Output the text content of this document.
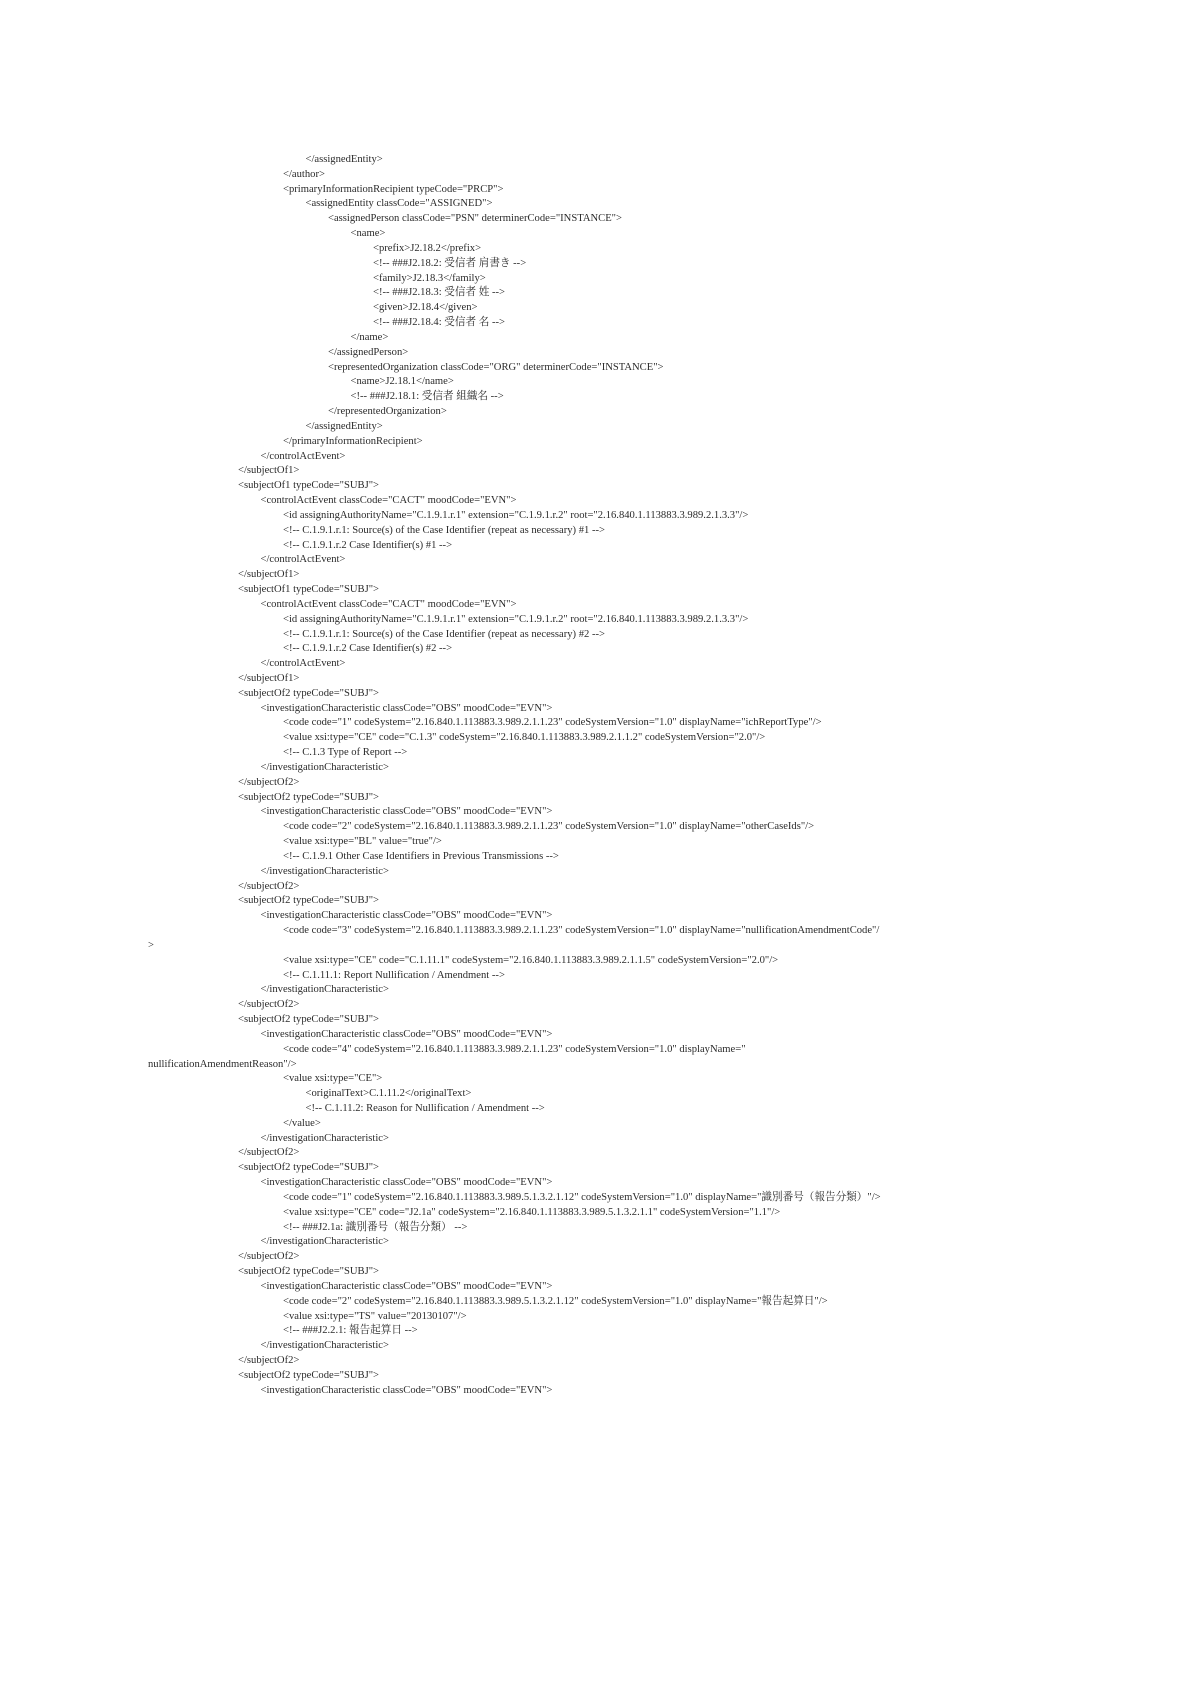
</assignedEntity>
</author>
<primaryInformationRecipient typeCode="PRCP">
<assignedEntity classCode="ASSIGNED">
<assignedPerson classCode="PSN" determinerCode="INSTANCE">
<name>
<prefix>J2.18.2</prefix>
<!-- ###J2.18.2: 受信者 肩書き -->
<family>J2.18.3</family>
<!-- ###J2.18.3: 受信者 姓 -->
<given>J2.18.4</given>
<!-- ###J2.18.4: 受信者 名 -->
</name>
</assignedPerson>
<representedOrganization classCode="ORG" determinerCode="INSTANCE">
<name>J2.18.1</name>
<!-- ###J2.18.1: 受信者 組織名 -->
</representedOrganization>
</assignedEntity>
</primaryInformationRecipient>
</controlActEvent>
</subjectOf1>
<subjectOf1 typeCode="SUBJ">
<controlActEvent classCode="CACT" moodCode="EVN">
<id assigningAuthorityName="C.1.9.1.r.1" extension="C.1.9.1.r.2" root="2.16.840.1.113883.3.989.2.1.3.3"/>
<!-- C.1.9.1.r.1: Source(s) of the Case Identifier (repeat as necessary) #1 -->
<!-- C.1.9.1.r.2 Case Identifier(s) #1 -->
</controlActEvent>
</subjectOf1>
<subjectOf1 typeCode="SUBJ">
<controlActEvent classCode="CACT" moodCode="EVN">
<id assigningAuthorityName="C.1.9.1.r.1" extension="C.1.9.1.r.2" root="2.16.840.1.113883.3.989.2.1.3.3"/>
<!-- C.1.9.1.r.1: Source(s) of the Case Identifier (repeat as necessary) #2 -->
<!-- C.1.9.1.r.2 Case Identifier(s) #2 -->
</controlActEvent>
</subjectOf1>
<subjectOf2 typeCode="SUBJ">
<investigationCharacteristic classCode="OBS" moodCode="EVN">
<code code="1" codeSystem="2.16.840.1.113883.3.989.2.1.1.23" codeSystemVersion="1.0" displayName="ichReportType"/>
<value xsi:type="CE" code="C.1.3" codeSystem="2.16.840.1.113883.3.989.2.1.1.2" codeSystemVersion="2.0"/>
<!-- C.1.3 Type of Report -->
</investigationCharacteristic>
</subjectOf2>
<subjectOf2 typeCode="SUBJ">
<investigationCharacteristic classCode="OBS" moodCode="EVN">
<code code="2" codeSystem="2.16.840.1.113883.3.989.2.1.1.23" codeSystemVersion="1.0" displayName="otherCaseIds"/>
<value xsi:type="BL" value="true"/>
<!-- C.1.9.1 Other Case Identifiers in Previous Transmissions -->
</investigationCharacteristic>
</subjectOf2>
<subjectOf2 typeCode="SUBJ">
<investigationCharacteristic classCode="OBS" moodCode="EVN">
<code code="3" codeSystem="2.16.840.1.113883.3.989.2.1.1.23" codeSystemVersion="1.0" displayName="nullificationAmendmentCode"/
>
<value xsi:type="CE" code="C.1.11.1" codeSystem="2.16.840.1.113883.3.989.2.1.1.5" codeSystemVersion="2.0"/>
<!-- C.1.11.1: Report Nullification / Amendment -->
</investigationCharacteristic>
</subjectOf2>
<subjectOf2 typeCode="SUBJ">
<investigationCharacteristic classCode="OBS" moodCode="EVN">
<code code="4" codeSystem="2.16.840.1.113883.3.989.2.1.1.23" codeSystemVersion="1.0" displayName="
nullificationAmendmentReason"/>
<value xsi:type="CE">
<originalText>C.1.11.2</originalText>
<!-- C.1.11.2: Reason for Nullification / Amendment -->
</value>
</investigationCharacteristic>
</subjectOf2>
<subjectOf2 typeCode="SUBJ">
<investigationCharacteristic classCode="OBS" moodCode="EVN">
<code code="1" codeSystem="2.16.840.1.113883.3.989.5.1.3.2.1.12" codeSystemVersion="1.0" displayName="識別番号（報告分類）"/>
<value xsi:type="CE" code="J2.1a" codeSystem="2.16.840.1.113883.3.989.5.1.3.2.1.1" codeSystemVersion="1.1"/>
<!-- ###J2.1a: 識別番号（報告分類） -->
</investigationCharacteristic>
</subjectOf2>
<subjectOf2 typeCode="SUBJ">
<investigationCharacteristic classCode="OBS" moodCode="EVN">
<code code="2" codeSystem="2.16.840.1.113883.3.989.5.1.3.2.1.12" codeSystemVersion="1.0" displayName="報告起算日"/>
<value xsi:type="TS" value="20130107"/>
<!-- ###J2.2.1: 報告起算日 -->
</investigationCharacteristic>
</subjectOf2>
<subjectOf2 typeCode="SUBJ">
<investigationCharacteristic classCode="OBS" moodCode="EVN">
